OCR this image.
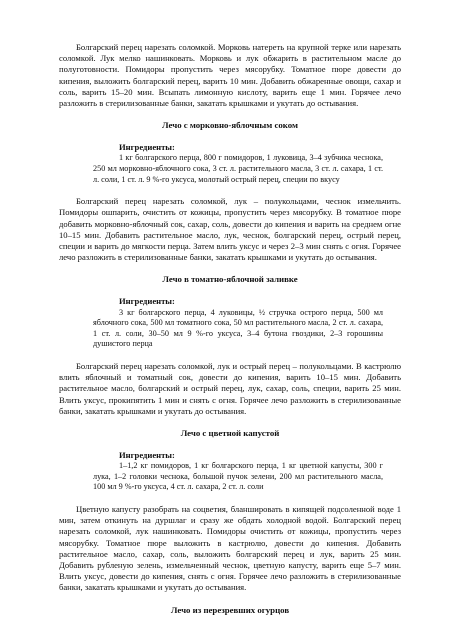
Болгарский перец нарезать соломкой. Морковь натереть на крупной терке или нарезать соломкой. Лук мелко нашинковать. Морковь и лук обжарить в растительном масле до полуготовности. Помидоры пропустить через мясорубку. Томатное пюре довести до кипения, выложить болгарский перец, варить 10 мин. Добавить обжаренные овощи, сахар и соль, варить 15–20 мин. Всыпать лимонную кислоту, варить еще 1 мин. Горячее лечо разложить в стерилизованные банки, закатать крышками и укутать до остывания.

Лечо с морковно-яблочным соком

Ингредиенты:

1 кг болгарского перца, 800 г помидоров, 1 луковица, 3–4 зубчика чеснока, 250 мл морковно-яблочного сока, 3 ст. л. растительного масла, 3 ст. л. сахара, 1 ст. л. соли, 1 ст. л. 9 %-го уксуса, молотый острый перец, специи по вкусу

Болгарский перец нарезать соломкой, лук – полукольцами, чеснок измельчить. Помидоры ошпарить, очистить от кожицы, пропустить через мясорубку. В томатное пюре добавить морковно-яблочный сок, сахар, соль, довести до кипения и варить на среднем огне 10–15 мин. Добавить растительное масло, лук, чеснок, болгарский перец, острый перец, специи и варить до мягкости перца. Затем влить уксус и через 2–3 мин снять с огня. Горячее лечо разложить в стерилизованные банки, закатать крышками и укутать до остывания.

Лечо в томатно-яблочной заливке

Ингредиенты:

3 кг болгарского перца, 4 луковицы, ½ стручка острого перца, 500 мл яблочного сока, 500 мл томатного сока, 50 мл растительного масла, 2 ст. л. сахара, 1 ст. л. соли, 30–50 мл 9 %-го уксуса, 3–4 бутона гвоздики, 2–3 горошины душистого перца

Болгарский перец нарезать соломкой, лук и острый перец – полукольцами. В кастрюлю влить яблочный и томатный сок, довести до кипения, варить 10–15 мин. Добавить растительное масло, болгарский и острый перец, лук, сахар, соль, специи, варить 25 мин. Влить уксус, прокипятить 1 мин и снять с огня. Горячее лечо разложить в стерилизованные банки, закатать крышками и укутать до остывания.

Лечо с цветной капустой

Ингредиенты:

1–1,2 кг помидоров, 1 кг болгарского перца, 1 кг цветной капусты, 300 г лука, 1–2 головки чеснока, большой пучок зелени, 200 мл растительного масла, 100 мл 9 %-го уксуса, 4 ст. л. сахара, 2 ст. л. соли

Цветную капусту разобрать на соцветия, бланшировать в кипящей подсоленной воде 1 мин, затем откинуть на дуршлаг и сразу же обдать холодной водой. Болгарский перец нарезать соломкой, лук нашинковать. Помидоры очистить от кожицы, пропустить через мясорубку. Томатное пюре выложить в кастрюлю, довести до кипения. Добавить растительное масло, сахар, соль, выложить болгарский перец и лук, варить 25 мин. Добавить рубленую зелень, измельченный чеснок, цветную капусту, варить еще 5–7 мин. Влить уксус, довести до кипения, снять с огня. Горячее лечо разложить в стерилизованные банки, закатать крышками и укутать до остывания.

Лечо из перезревших огурцов
